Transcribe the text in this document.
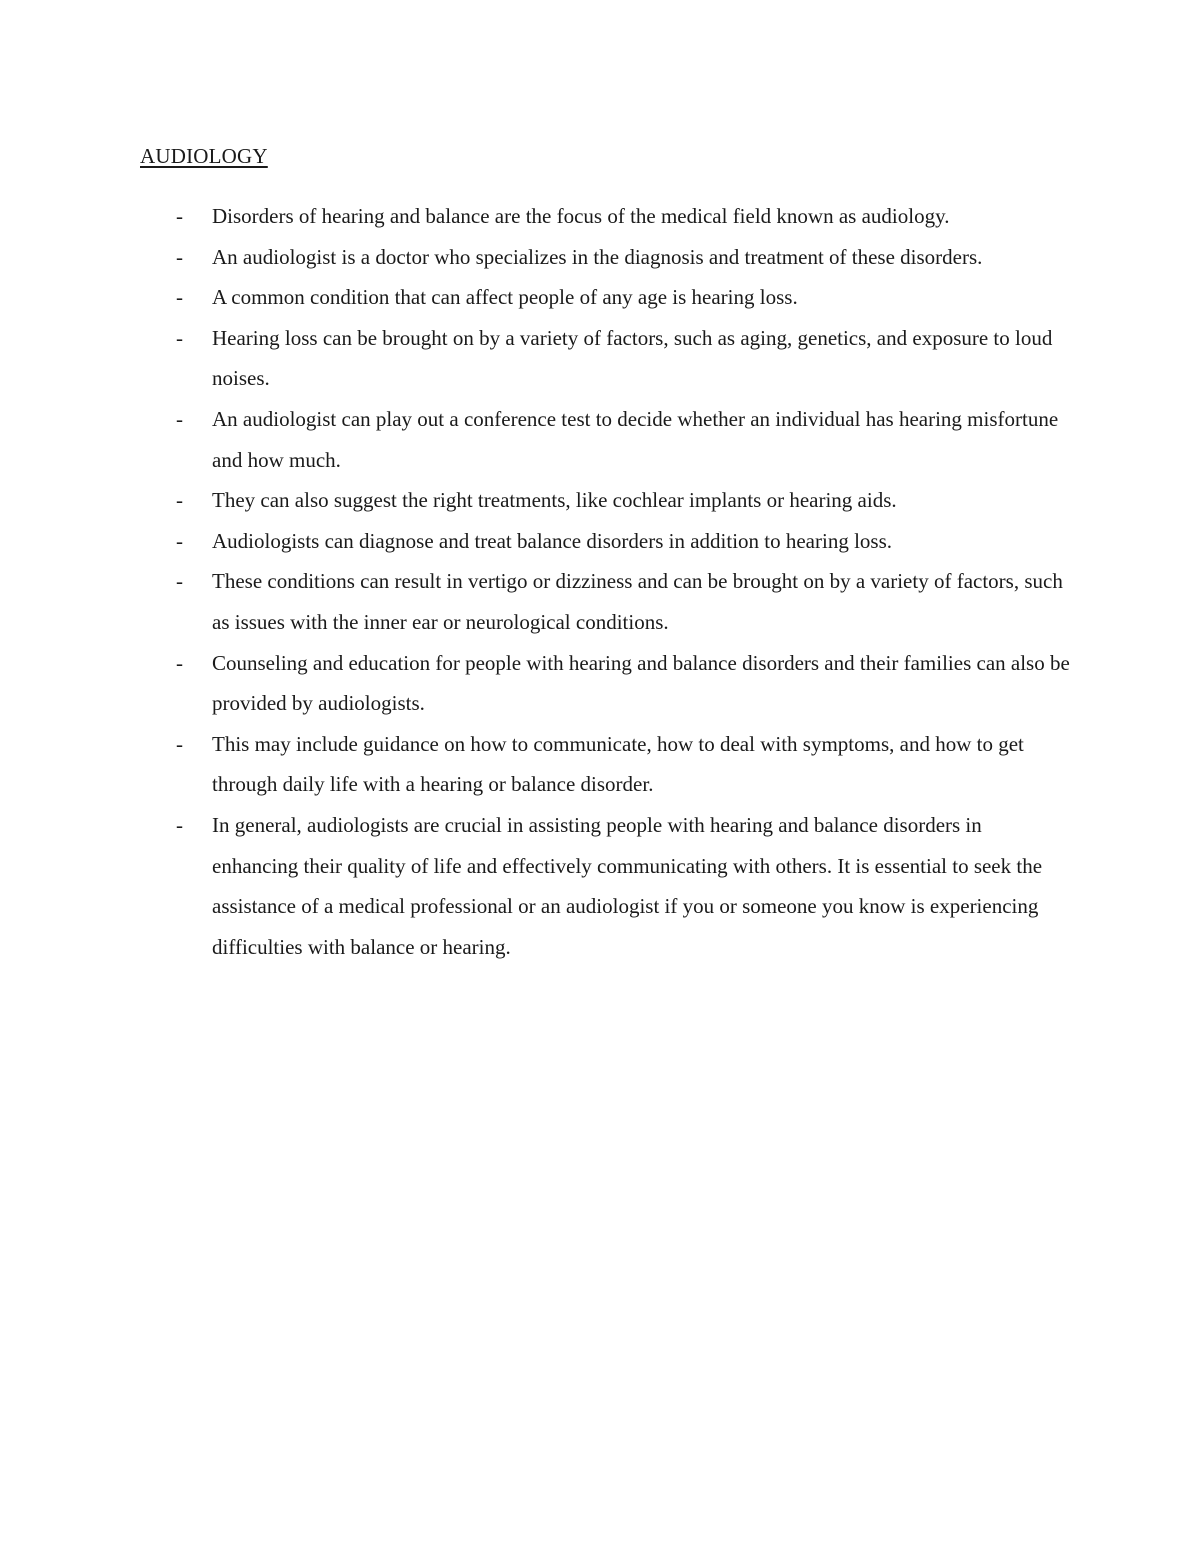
AUDIOLOGY
- Disorders of hearing and balance are the focus of the medical field known as audiology.
- An audiologist is a doctor who specializes in the diagnosis and treatment of these disorders.
- A common condition that can affect people of any age is hearing loss.
- Hearing loss can be brought on by a variety of factors, such as aging, genetics, and exposure to loud noises.
- An audiologist can play out a conference test to decide whether an individual has hearing misfortune and how much.
- They can also suggest the right treatments, like cochlear implants or hearing aids.
- Audiologists can diagnose and treat balance disorders in addition to hearing loss.
- These conditions can result in vertigo or dizziness and can be brought on by a variety of factors, such as issues with the inner ear or neurological conditions.
- Counseling and education for people with hearing and balance disorders and their families can also be provided by audiologists.
- This may include guidance on how to communicate, how to deal with symptoms, and how to get through daily life with a hearing or balance disorder.
- In general, audiologists are crucial in assisting people with hearing and balance disorders in enhancing their quality of life and effectively communicating with others. It is essential to seek the assistance of a medical professional or an audiologist if you or someone you know is experiencing difficulties with balance or hearing.
